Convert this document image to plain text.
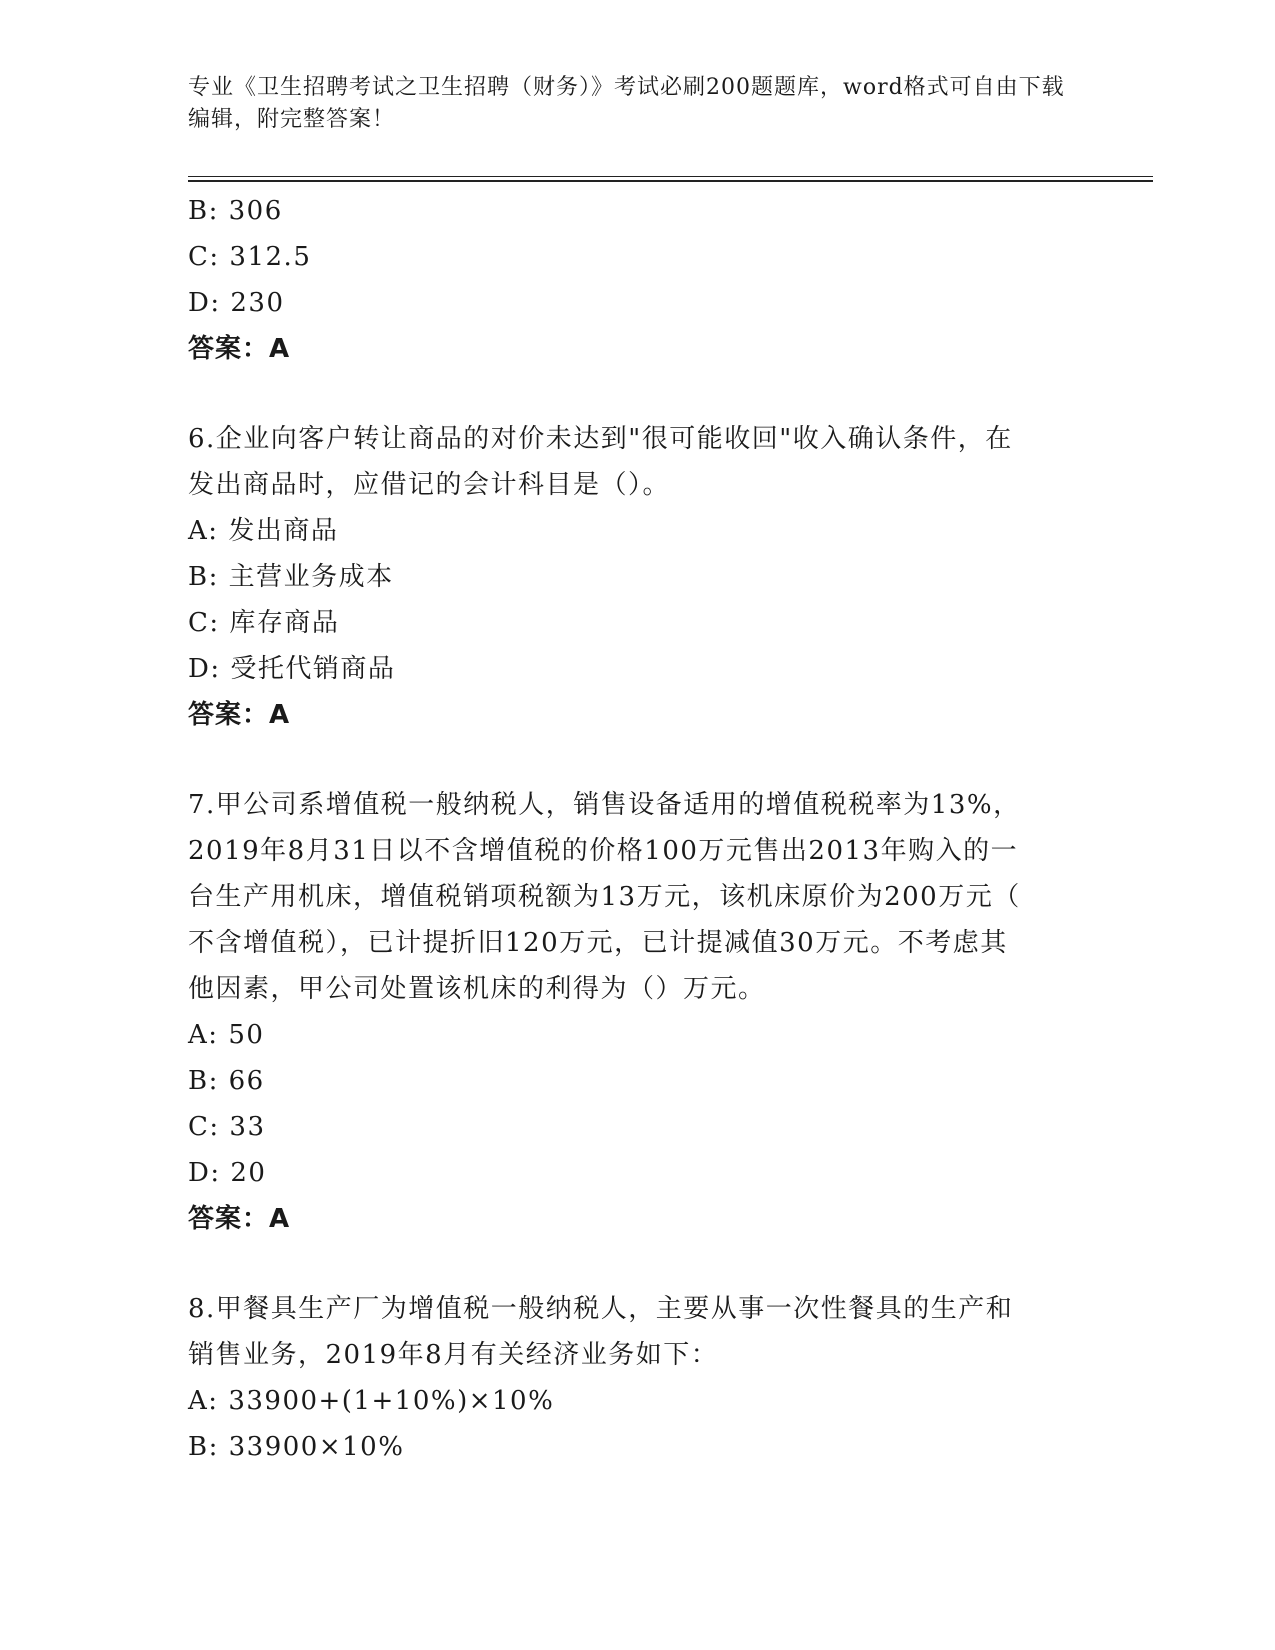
专业《卫生招聘考试之卫生招聘（财务）》考试必刷200题题库，word格式可自由下载编辑，附完整答案！
B: 306
C: 312.5
D: 230
答案：A
6.企业向客户转让商品的对价未达到"很可能收回"收入确认条件，在
发出商品时，应借记的会计科目是（）。
A: 发出商品
B: 主营业务成本
C: 库存商品
D: 受托代销商品
答案：A
7.甲公司系增值税一般纳税人，销售设备适用的增值税税率为13%，
2019年8月31日以不含增值税的价格100万元售出2013年购入的一
台生产用机床，增值税销项税额为13万元，该机床原价为200万元（
不含增值税），已计提折旧120万元，已计提减值30万元。不考虑其
他因素，甲公司处置该机床的利得为（）万元。
A: 50
B: 66
C: 33
D: 20
答案：A
8.甲餐具生产厂为增值税一般纳税人，主要从事一次性餐具的生产和
销售业务，2019年8月有关经济业务如下：
A: 33900+(1+10%)×10%
B: 33900×10%
